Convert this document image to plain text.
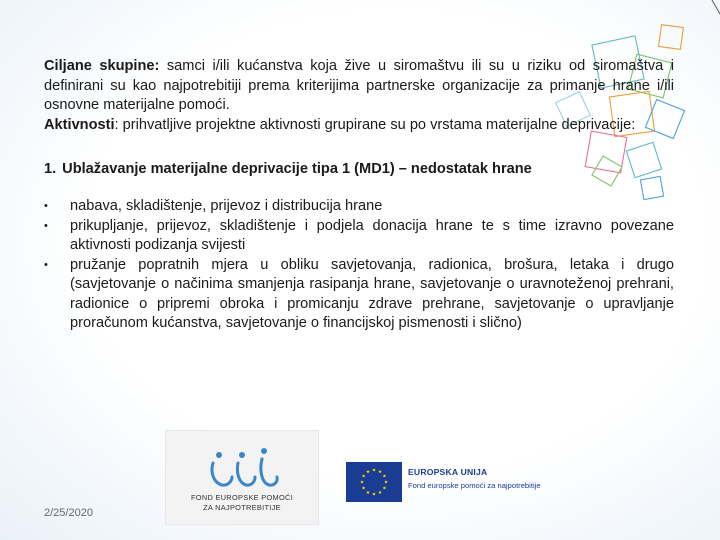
Ciljane skupine: samci i/ili kućanstva koja žive u siromaštvu ili su u riziku od siromaštva i definirani su kao najpotrebitiji prema kriterijima partnerske organizacije za primanje hrane i/ili osnovne materijalne pomoći.

Aktivnosti: prihvatljive projektne aktivnosti grupirane su po vrstama materijalne deprivacije:

1. Ublažavanje materijalne deprivacije tipa 1 (MD1) – nedostatak hrane
• nabava, skladištenje, prijevoz i distribucija hrane
• prikupljanje, prijevoz, skladištenje i podjela donacija hrane te s time izravno povezane aktivnosti podizanja svijesti
• pružanje popratnih mjera u obliku savjetovanja, radionica, brošura, letaka i drugo (savjetovanje o načinima smanjenja rasipanja hrane, savjetovanje o uravnoteženoj prehrani, radionice o pripremi obroka i promicanju zdrave prehrane, savjetovanje o upravljanje proračunom kućanstva, savjetovanje o financijskoj pismenosti i slično)
FOND EUROPSKE POMOĆI
ZA NAJPOTREBITIJE
EUROPSKA UNIJA
Fond europske pomoći za najpotrebitije
2/25/2020
